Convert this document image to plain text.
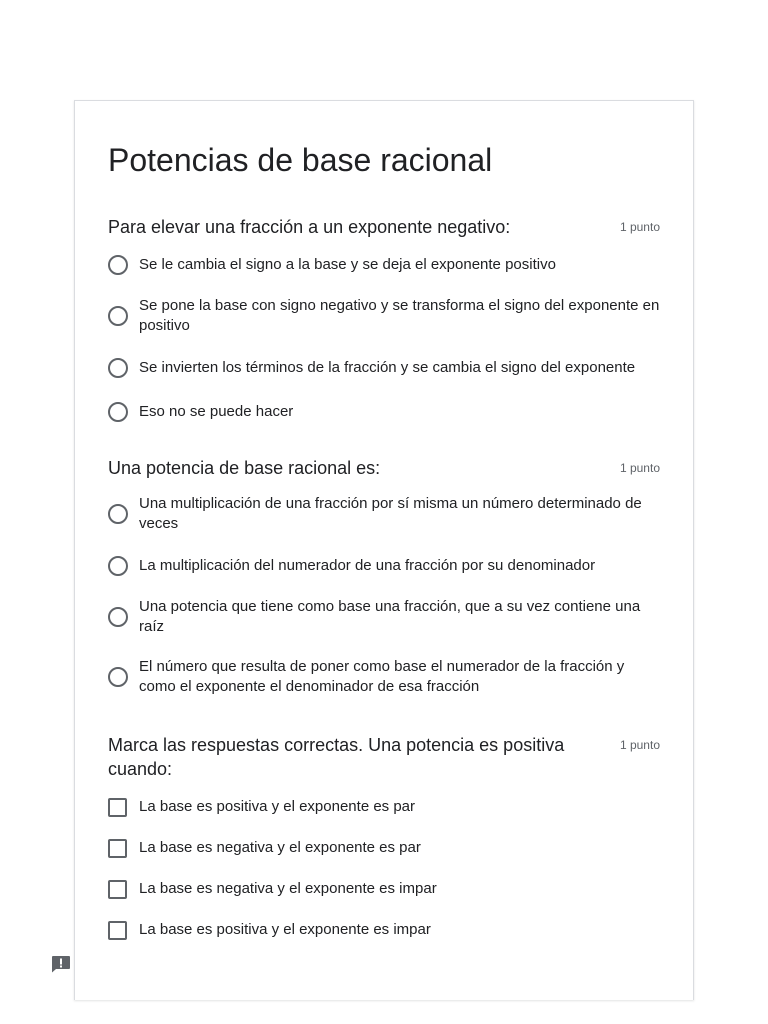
Potencias de base racional
Para elevar una fracción a un exponente negativo:	1 punto
Se le cambia el signo a la base y se deja el exponente positivo
Se pone la base con signo negativo y se transforma el signo del exponente en positivo
Se invierten los términos de la fracción y se cambia el signo del exponente
Eso no se puede hacer
Una potencia de base racional es:	1 punto
Una multiplicación de una fracción por sí misma un número determinado de veces
La multiplicación del numerador de una fracción por su denominador
Una potencia que tiene como base una fracción, que a su vez contiene una raíz
El número que resulta de poner como base el numerador de la fracción y como el exponente el denominador de esa fracción
Marca las respuestas correctas. Una potencia es positiva cuando:
1 punto
La base es positiva y el exponente es par
La base es negativa y el exponente es par
La base es negativa y el exponente es impar
La base es positiva y el exponente es impar
